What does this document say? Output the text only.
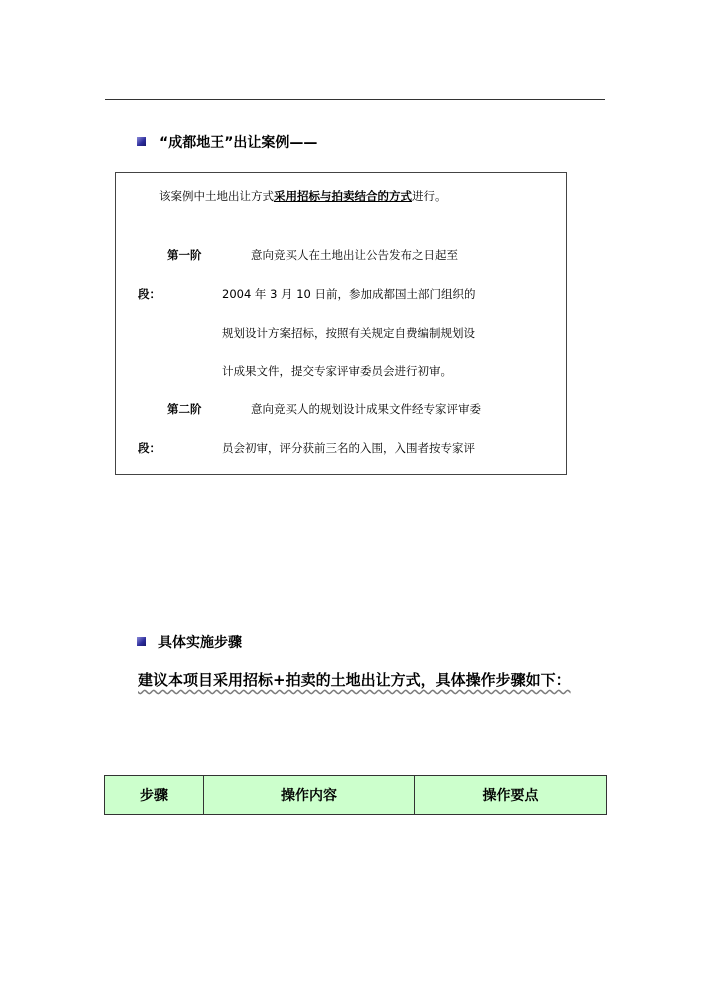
“成都地王”出让案例——
该案例中土地出让方式采用招标与拍卖结合的方式进行。
第一阶	意向竞买人在土地出让公告发布之日起至
段：	2004 年 3 月 10 日前，参加成都国土部门组织的
规划设计方案招标，按照有关规定自费编制规划设
计成果文件，提交专家评审委员会进行初审。
第二阶	意向竞买人的规划设计成果文件经专家评审委
段：	员会初审，评分获前三名的入围，入围者按专家评
具体实施步骤
建议本项目采用招标+拍卖的土地出让方式，具体操作步骤如下：
步骤	操作内容	操作要点
